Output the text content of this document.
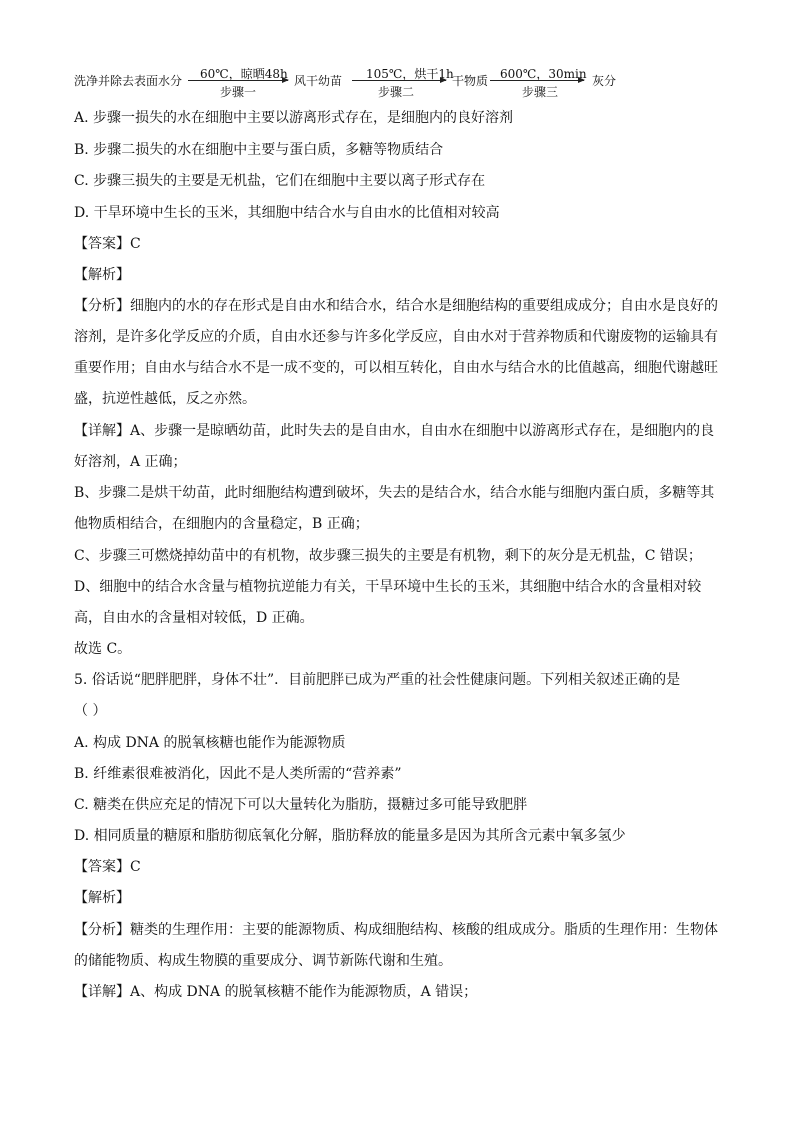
洗净并除去表面水分 60℃，晾晒48h
步骤一
风干幼苗 105℃，烘干1h
步骤二
干物质 600℃，30min
步骤三
灰分
A. 步骤一损失的水在细胞中主要以游离形式存在，是细胞内的良好溶剂
B. 步骤二损失的水在细胞中主要与蛋白质，多糖等物质结合
C. 步骤三损失的主要是无机盐，它们在细胞中主要以离子形式存在
D. 干旱环境中生长的玉米，其细胞中结合水与自由水的比值相对较高
【答案】C
【解析】
【分析】细胞内的水的存在形式是自由水和结合水，结合水是细胞结构的重要组成成分；自由水是良好的
溶剂，是许多化学反应的介质，自由水还参与许多化学反应，自由水对于营养物质和代谢废物的运输具有
重要作用；自由水与结合水不是一成不变的，可以相互转化，自由水与结合水的比值越高，细胞代谢越旺
盛，抗逆性越低，反之亦然。
【详解】A、步骤一是晾晒幼苗，此时失去的是自由水，自由水在细胞中以游离形式存在，是细胞内的良
好溶剂，A 正确；
B、步骤二是烘干幼苗，此时细胞结构遭到破坏，失去的是结合水，结合水能与细胞内蛋白质，多糖等其
他物质相结合，在细胞内的含量稳定，B 正确；
C、步骤三可燃烧掉幼苗中的有机物，故步骤三损失的主要是有机物，剩下的灰分是无机盐，C 错误；
D、细胞中的结合水含量与植物抗逆能力有关，干旱环境中生长的玉米，其细胞中结合水的含量相对较
高，自由水的含量相对较低，D 正确。
故选 C。
5. 俗话说“肥胖肥胖，身体不壮”．目前肥胖已成为严重的社会性健康问题。下列相关叙述正确的是
（ ）
A. 构成 DNA 的脱氧核糖也能作为能源物质
B. 纤维素很难被消化，因此不是人类所需的“营养素”
C. 糖类在供应充足的情况下可以大量转化为脂肪，摄糖过多可能导致肥胖
D. 相同质量的糖原和脂肪彻底氧化分解，脂肪释放的能量多是因为其所含元素中氧多氢少
【答案】C
【解析】
【分析】糖类的生理作用：主要的能源物质、构成细胞结构、核酸的组成成分。脂质的生理作用：生物体
的储能物质、构成生物膜的重要成分、调节新陈代谢和生殖。
【详解】A、构成 DNA 的脱氧核糖不能作为能源物质，A 错误；
